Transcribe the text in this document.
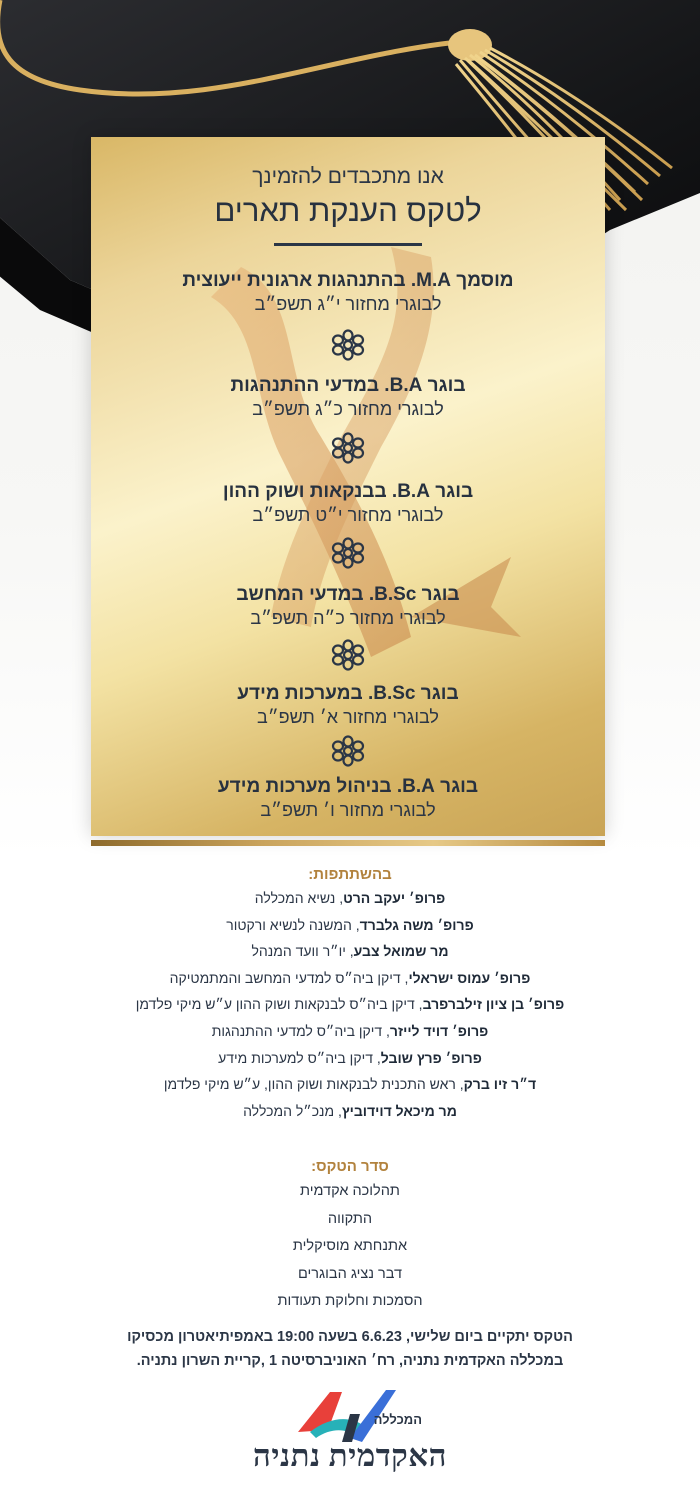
אנו מתכבדים להזמינך
לטקס הענקת תארים
מוסמך M.A. בהתנהגות ארגונית ייעוצית
לבוגרי מחזור י״ג תשפ״ב
בוגר B.A. במדעי ההתנהגות
לבוגרי מחזור כ״ג תשפ״ב
בוגר B.A. בבנקאות ושוק ההון
לבוגרי מחזור י״ט תשפ״ב
בוגר B.Sc. במדעי המחשב
לבוגרי מחזור כ״ה תשפ״ב
בוגר B.Sc. במערכות מידע
לבוגרי מחזור א׳ תשפ״ב
בוגר B.A. בניהול מערכות מידע
לבוגרי מחזור ו׳ תשפ״ב
בהשתתפות:
פרופ׳ יעקב הרט, נשיא המכללה
פרופ׳ משה גלברד, המשנה לנשיא ורקטור
מר שמואל צבע, יו״ר וועד המנהל
פרופ׳ עמוס ישראלי, דיקן ביה״ס למדעי המחשב והמתמטיקה
פרופ׳ בן ציון זילברפרב, דיקן ביה״ס לבנקאות ושוק ההון ע״ש מיקי פלדמן
פרופ׳ דויד לייזר, דיקן ביה״ס למדעי ההתנהגות
פרופ׳ פרץ שובל, דיקן ביה״ס למערכות מידע
ד״ר זיו ברק, ראש התכנית לבנקאות ושוק ההון, ע״ש מיקי פלדמן
מר מיכאל דוידוביץ, מנכ״ל המכללה
סדר הטקס:
תהלוכה אקדמית
התקווה
אתנחתא מוסיקלית
דבר נציג הבוגרים
הסמכות וחלוקת תעודות
הטקס יתקיים ביום שלישי, 6.6.23 בשעה 19:00 באמפיתיאטרון מכסיקו
במכללה האקדמית נתניה, רח׳ האוניברסיטה 1 ,קריית השרון נתניה.
המכללה
האקדמית נתניה
